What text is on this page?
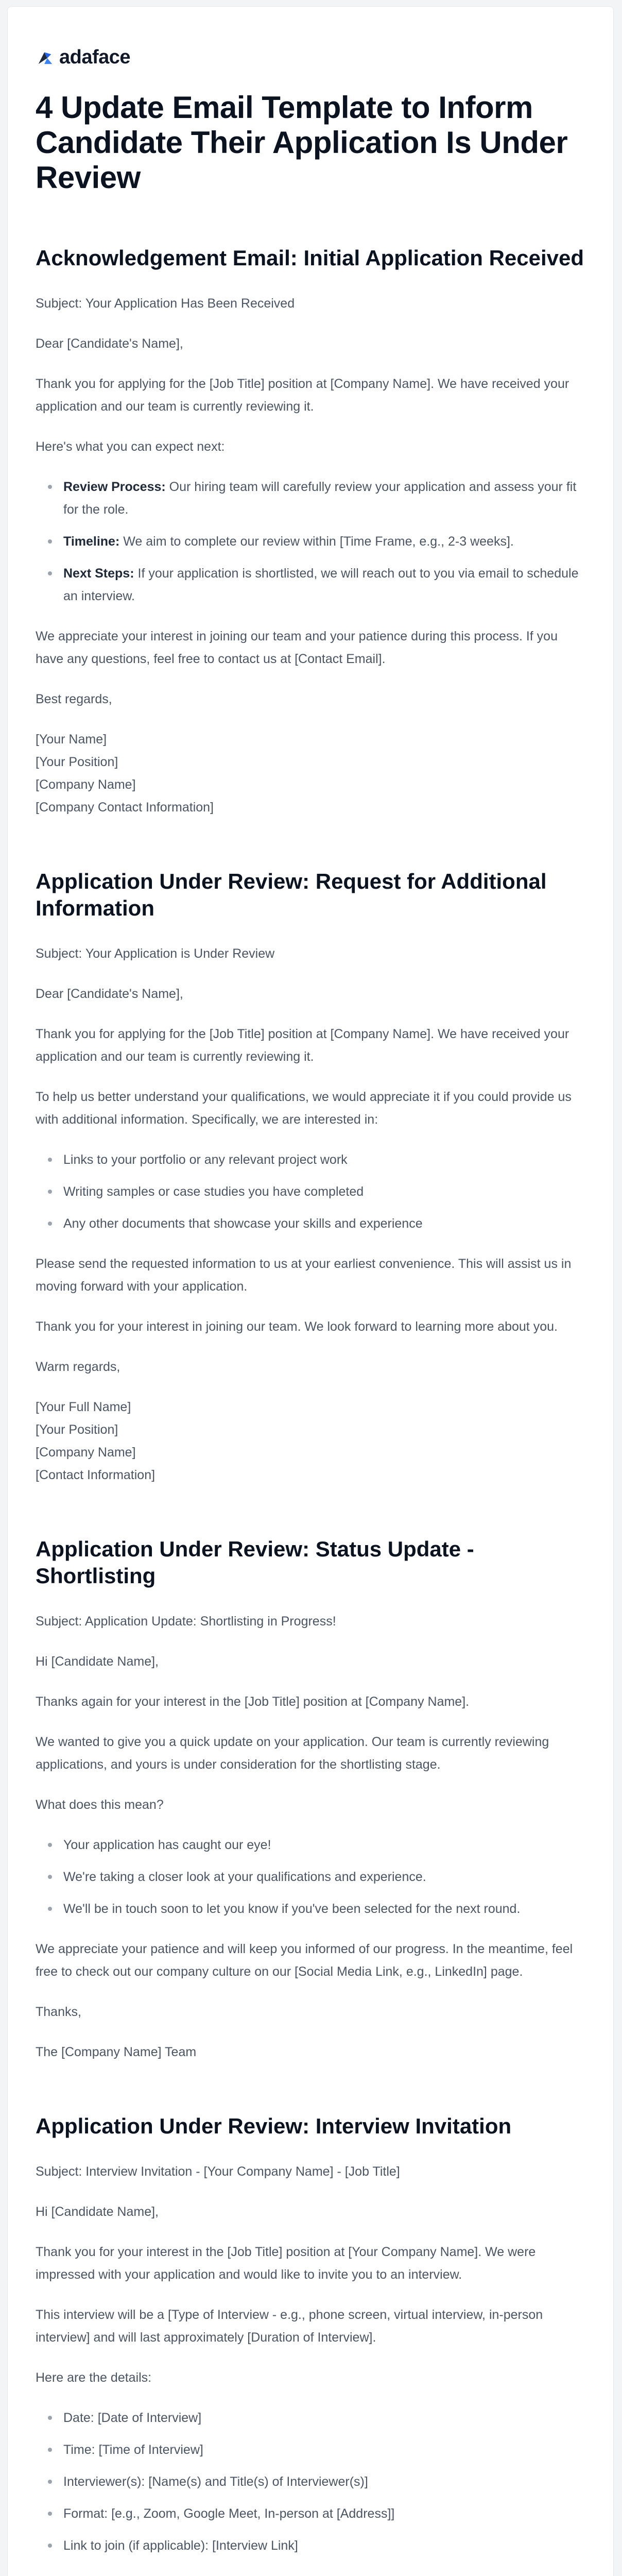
adaface
4 Update Email Template to Inform Candidate Their Application Is Under Review
Acknowledgement Email: Initial Application Received

Subject: Your Application Has Been Received

Dear [Candidate's Name],

Thank you for applying for the [Job Title] position at [Company Name]. We have received your application and our team is currently reviewing it.

Here's what you can expect next:

Review Process: Our hiring team will carefully review your application and assess your fit for the role.
Timeline: We aim to complete our review within [Time Frame, e.g., 2-3 weeks].
Next Steps: If your application is shortlisted, we will reach out to you via email to schedule an interview.

We appreciate your interest in joining our team and your patience during this process. If you have any questions, feel free to contact us at [Contact Email].

Best regards,

[Your Name]

[Your Position]

[Company Name]

[Company Contact Information]

Application Under Review: Request for Additional Information

Subject: Your Application is Under Review

Dear [Candidate's Name],

Thank you for applying for the [Job Title] position at [Company Name]. We have received your application and our team is currently reviewing it.

To help us better understand your qualifications, we would appreciate it if you could provide us with additional information. Specifically, we are interested in:

Links to your portfolio or any relevant project work
Writing samples or case studies you have completed
Any other documents that showcase your skills and experience

Please send the requested information to us at your earliest convenience. This will assist us in moving forward with your application.

Thank you for your interest in joining our team. We look forward to learning more about you.

Warm regards,

[Your Full Name]

[Your Position]

[Company Name]

[Contact Information]

Application Under Review: Status Update - Shortlisting

Subject: Application Update: Shortlisting in Progress!

Hi [Candidate Name],

Thanks again for your interest in the [Job Title] position at [Company Name].

We wanted to give you a quick update on your application. Our team is currently reviewing applications, and yours is under consideration for the shortlisting stage.

What does this mean?

Your application has caught our eye!
We're taking a closer look at your qualifications and experience.
We'll be in touch soon to let you know if you've been selected for the next round.

We appreciate your patience and will keep you informed of our progress. In the meantime, feel free to check out our company culture on our [Social Media Link, e.g., LinkedIn] page.

Thanks,

The [Company Name] Team

Application Under Review: Interview Invitation

Subject: Interview Invitation - [Your Company Name] - [Job Title]

Hi [Candidate Name],

Thank you for your interest in the [Job Title] position at [Your Company Name]. We were impressed with your application and would like to invite you to an interview.

This interview will be a [Type of Interview - e.g., phone screen, virtual interview, in-person interview] and will last approximately [Duration of Interview].

Here are the details:

Date: [Date of Interview]
Time: [Time of Interview]
Interviewer(s): [Name(s) and Title(s) of Interviewer(s)]
Format: [e.g., Zoom, Google Meet, In-person at [Address]]
Link to join (if applicable): [Interview Link]
